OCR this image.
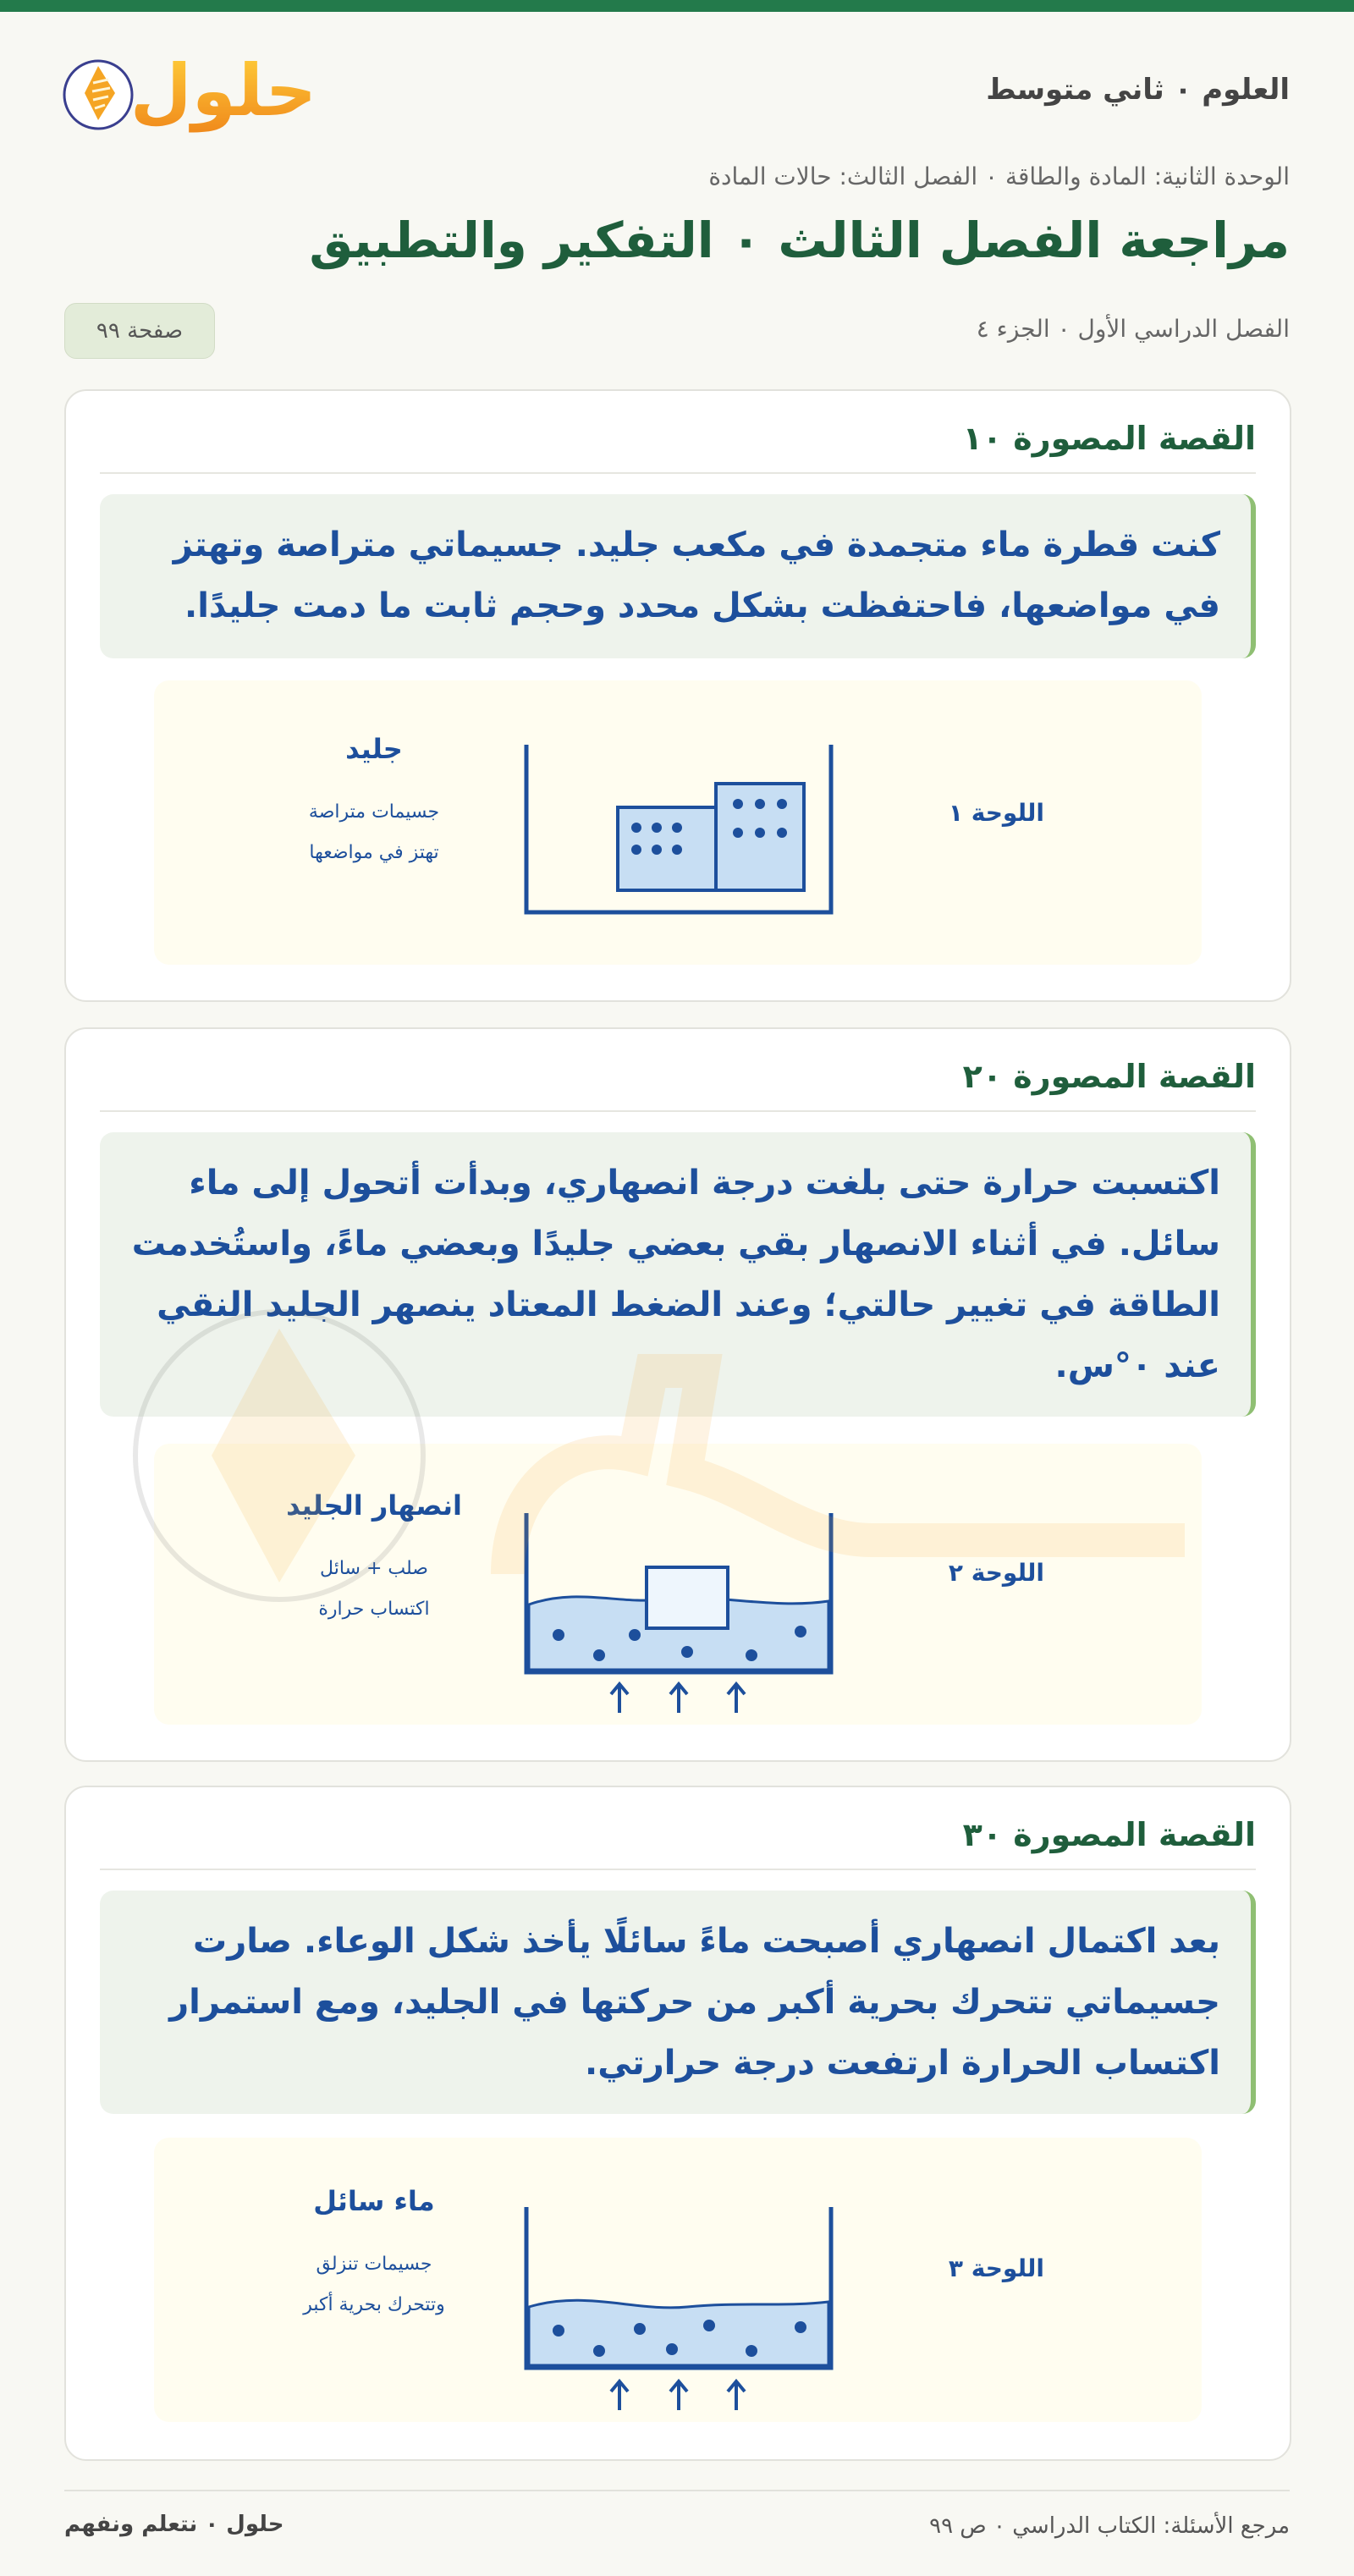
العلوم ٠ ثاني متوسط
حلول
الوحدة الثانية: المادة والطاقة ٠ الفصل الثالث: حالات المادة
مراجعة الفصل الثالث ٠ التفكير والتطبيق
الفصل الدراسي الأول ٠ الجزء ٤
صفحة ٩٩
القصة المصورة ١٠
كنت قطرة ماء متجمدة في مكعب جليد. جسيماتي متراصة وتهتز في مواضعها، فاحتفظت بشكل محدد وحجم ثابت ما دمت جليدًا.
اللوحة ١
جليد
جسيمات متراصة
تهتز في مواضعها
القصة المصورة ٢٠
اكتسبت حرارة حتى بلغت درجة انصهاري، وبدأت أتحول إلى ماء سائل. في أثناء الانصهار بقي بعضي جليدًا وبعضي ماءً، واستُخدمت الطاقة في تغيير حالتي؛ وعند الضغط المعتاد ينصهر الجليد النقي عند ٠°س.
اللوحة ٢
انصهار الجليد
صلب + سائل
اكتساب حرارة
القصة المصورة ٣٠
بعد اكتمال انصهاري أصبحت ماءً سائلًا يأخذ شكل الوعاء. صارت جسيماتي تتحرك بحرية أكبر من حركتها في الجليد، ومع استمرار اكتساب الحرارة ارتفعت درجة حرارتي.
اللوحة ٣
ماء سائل
جسيمات تنزلق
وتتحرك بحرية أكبر
مرجع الأسئلة: الكتاب الدراسي ٠ ص ٩٩
حلول ٠ نتعلم ونفهم
